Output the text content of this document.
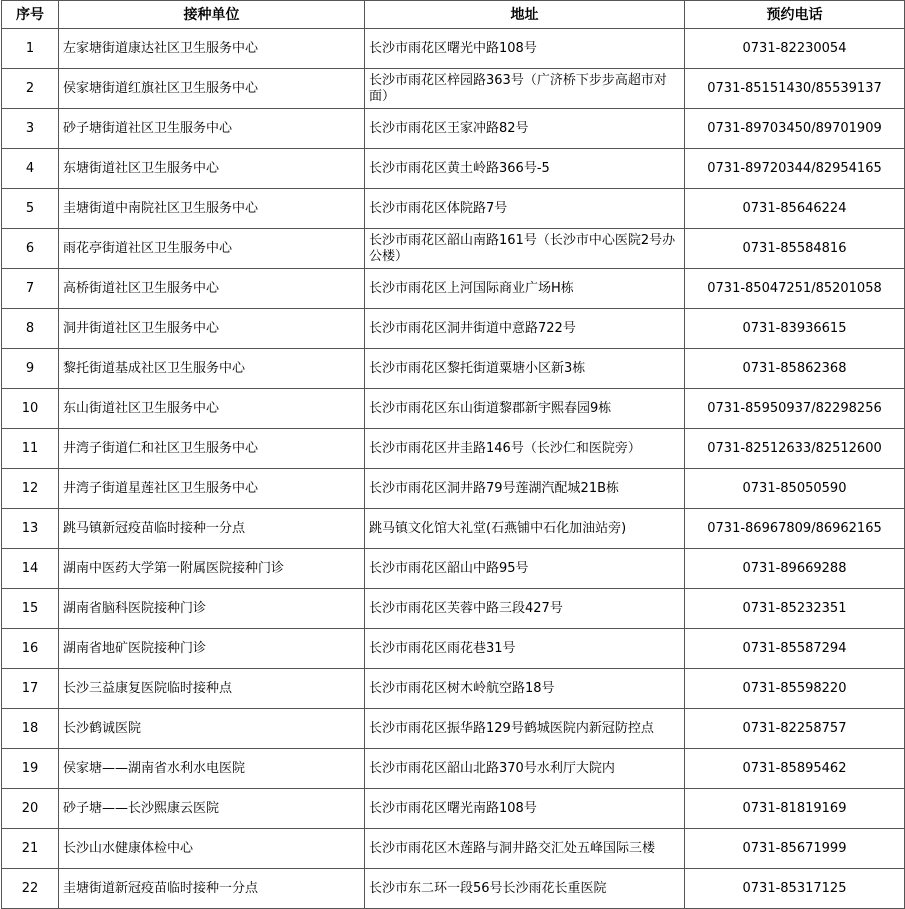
序号	接种单位	地址	预约电话
1	左家塘街道康达社区卫生服务中心	长沙市雨花区曙光中路108号	0731-82230054
2	侯家塘街道红旗社区卫生服务中心	长沙市雨花区梓园路363号（广济桥下步步高超市对面）	0731-85151430/85539137
3	砂子塘街道社区卫生服务中心	长沙市雨花区王家冲路82号	0731-89703450/89701909
4	东塘街道社区卫生服务中心	长沙市雨花区黄土岭路366号-5	0731-89720344/82954165
5	圭塘街道中南院社区卫生服务中心	长沙市雨花区体院路7号	0731-85646224
6	雨花亭街道社区卫生服务中心	长沙市雨花区韶山南路161号（长沙市中心医院2号办公楼）	0731-85584816
7	高桥街道社区卫生服务中心	长沙市雨花区上河国际商业广场H栋	0731-85047251/85201058
8	洞井街道社区卫生服务中心	长沙市雨花区洞井街道中意路722号	0731-83936615
9	黎托街道基成社区卫生服务中心	长沙市雨花区黎托街道粟塘小区新3栋	0731-85862368
10	东山街道社区卫生服务中心	长沙市雨花区东山街道黎郡新宇熙春园9栋	0731-85950937/82298256
11	井湾子街道仁和社区卫生服务中心	长沙市雨花区井圭路146号（长沙仁和医院旁）	0731-82512633/82512600
12	井湾子街道星莲社区卫生服务中心	长沙市雨花区洞井路79号莲湖汽配城21B栋	0731-85050590
13	跳马镇新冠疫苗临时接种一分点	跳马镇文化馆大礼堂(石燕铺中石化加油站旁)	0731-86967809/86962165
14	湖南中医药大学第一附属医院接种门诊	长沙市雨花区韶山中路95号	0731-89669288
15	湖南省脑科医院接种门诊	长沙市雨花区芙蓉中路三段427号	0731-85232351
16	湖南省地矿医院接种门诊	长沙市雨花区雨花巷31号	0731-85587294
17	长沙三益康复医院临时接种点	长沙市雨花区树木岭航空路18号	0731-85598220
18	长沙鹤诚医院	长沙市雨花区振华路129号鹤城医院内新冠防控点	0731-82258757
19	侯家塘——湖南省水利水电医院	长沙市雨花区韶山北路370号水利厅大院内	0731-85895462
20	砂子塘——长沙熙康云医院	长沙市雨花区曙光南路108号	0731-81819169
21	长沙山水健康体检中心	长沙市雨花区木莲路与洞井路交汇处五峰国际三楼	0731-85671999
22	圭塘街道新冠疫苗临时接种一分点	长沙市东二环一段56号长沙雨花长重医院	0731-85317125
